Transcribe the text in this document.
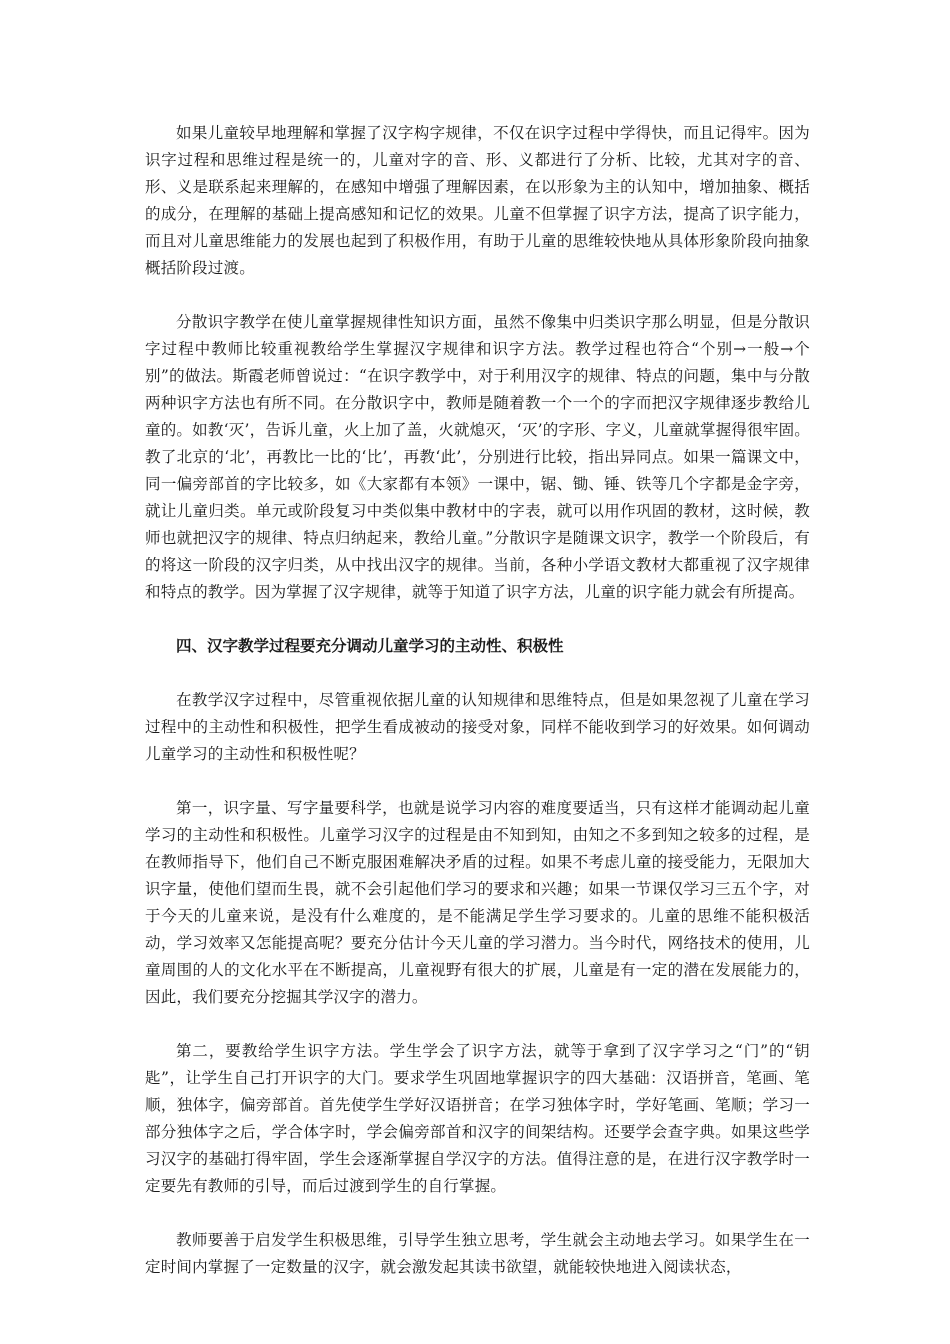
如果儿童较早地理解和掌握了汉字构字规律，不仅在识字过程中学得快，而且记得牢。因为识字过程和思维过程是统一的，儿童对字的音、形、义都进行了分析、比较，尤其对字的音、形、义是联系起来理解的，在感知中增强了理解因素，在以形象为主的认知中，增加抽象、概括的成分，在理解的基础上提高感知和记忆的效果。儿童不但掌握了识字方法，提高了识字能力，而且对儿童思维能力的发展也起到了积极作用，有助于儿童的思维较快地从具体形象阶段向抽象概括阶段过渡。

分散识字教学在使儿童掌握规律性知识方面，虽然不像集中归类识字那么明显，但是分散识字过程中教师比较重视教给学生掌握汉字规律和识字方法。教学过程也符合“个别→一般→个别”的做法。斯霞老师曾说过：“在识字教学中，对于利用汉字的规律、特点的问题，集中与分散两种识字方法也有所不同。在分散识字中，教师是随着教一个一个的字而把汉字规律逐步教给儿童的。如教‘灭’，告诉儿童，火上加了盖，火就熄灭，‘灭’的字形、字义，儿童就掌握得很牢固。教了北京的‘北’，再教比一比的‘比’，再教‘此’，分别进行比较，指出异同点。如果一篇课文中，同一偏旁部首的字比较多，如《大家都有本领》一课中，锯、锄、锤、铁等几个字都是金字旁，就让儿童归类。单元或阶段复习中类似集中教材中的字表，就可以用作巩固的教材，这时候，教师也就把汉字的规律、特点归纳起来，教给儿童。”分散识字是随课文识字，教学一个阶段后，有的将这一阶段的汉字归类，从中找出汉字的规律。当前，各种小学语文教材大都重视了汉字规律和特点的教学。因为掌握了汉字规律，就等于知道了识字方法，儿童的识字能力就会有所提高。

四、汉字教学过程要充分调动儿童学习的主动性、积极性

在教学汉字过程中，尽管重视依据儿童的认知规律和思维特点，但是如果忽视了儿童在学习过程中的主动性和积极性，把学生看成被动的接受对象，同样不能收到学习的好效果。如何调动儿童学习的主动性和积极性呢？

第一，识字量、写字量要科学，也就是说学习内容的难度要适当，只有这样才能调动起儿童学习的主动性和积极性。儿童学习汉字的过程是由不知到知，由知之不多到知之较多的过程，是在教师指导下，他们自己不断克服困难解决矛盾的过程。如果不考虑儿童的接受能力，无限加大识字量，使他们望而生畏，就不会引起他们学习的要求和兴趣；如果一节课仅学习三五个字，对于今天的儿童来说，是没有什么难度的，是不能满足学生学习要求的。儿童的思维不能积极活动，学习效率又怎能提高呢？要充分估计今天儿童的学习潜力。当今时代，网络技术的使用，儿童周围的人的文化水平在不断提高，儿童视野有很大的扩展，儿童是有一定的潜在发展能力的，因此，我们要充分挖掘其学汉字的潜力。

第二，要教给学生识字方法。学生学会了识字方法，就等于拿到了汉字学习之“门”的“钥匙”，让学生自己打开识字的大门。要求学生巩固地掌握识字的四大基础：汉语拼音，笔画、笔顺，独体字，偏旁部首。首先使学生学好汉语拼音；在学习独体字时，学好笔画、笔顺；学习一部分独体字之后，学合体字时，学会偏旁部首和汉字的间架结构。还要学会查字典。如果这些学习汉字的基础打得牢固，学生会逐渐掌握自学汉字的方法。值得注意的是，在进行汉字教学时一定要先有教师的引导，而后过渡到学生的自行掌握。

教师要善于启发学生积极思维，引导学生独立思考，学生就会主动地去学习。如果学生在一定时间内掌握了一定数量的汉字，就会激发起其读书欲望，就能较快地进入阅读状态，
